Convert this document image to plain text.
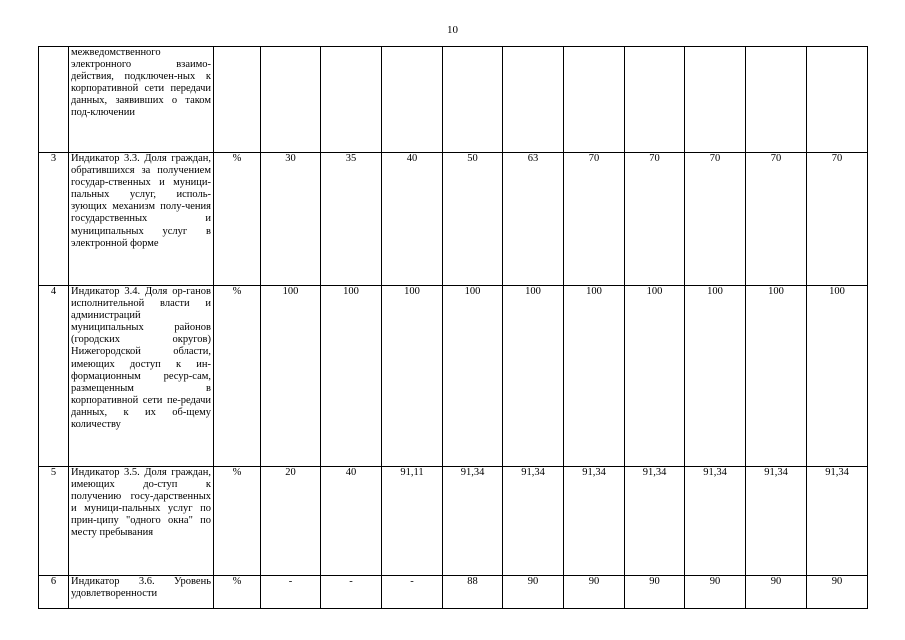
10
	межведомственного электронного взаимо-действия, подключен-ных к корпоративной сети передачи данных, заявивших о таком под-ключении											
3	Индикатор 3.3. Доля граждан, обратившихся за получением государ-ственных и муници-пальных услуг, исполь-зующих механизм полу-чения государственных и муниципальных услуг в электронной форме	%	30	35	40	50	63	70	70	70	70	70
4	Индикатор 3.4. Доля ор-ганов исполнительной власти и администраций муниципальных районов (городских округов) Нижегородской области, имеющих доступ к ин-формационным ресур-сам, размещенным в корпоративной сети пе-редачи данных, к их об-щему количеству	%	100	100	100	100	100	100	100	100	100	100
5	Индикатор 3.5. Доля граждан, имеющих до-ступ к получению госу-дарственных и муници-пальных услуг по прин-ципу "одного окна" по месту пребывания	%	20	40	91,11	91,34	91,34	91,34	91,34	91,34	91,34	91,34
6	Индикатор 3.6. Уровень удовлетворенности	%	-	-	-	88	90	90	90	90	90	90
